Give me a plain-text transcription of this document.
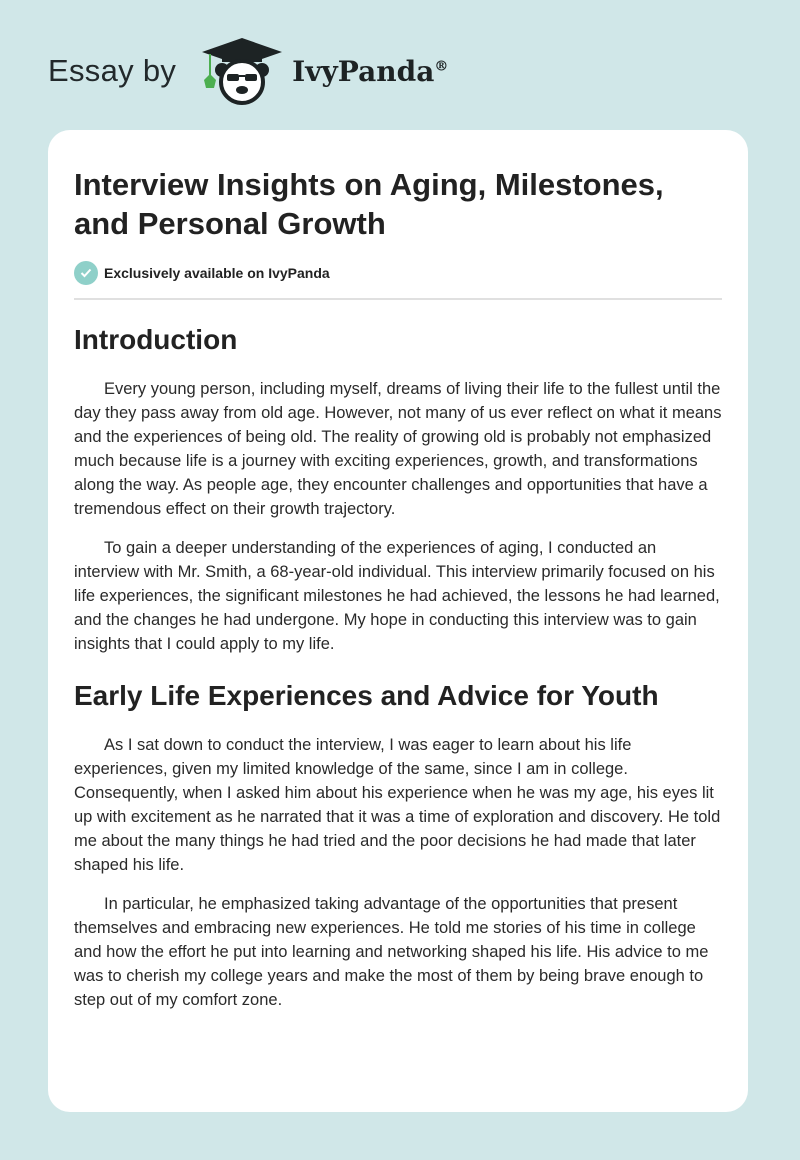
Essay by	IvyPanda®
Interview Insights on Aging, Milestones, and Personal Growth
Exclusively available on IvyPanda
Introduction

Every young person, including myself, dreams of living their life to the fullest until the day they pass away from old age. However, not many of us ever reflect on what it means and the experiences of being old. The reality of growing old is probably not emphasized much because life is a journey with exciting experiences, growth, and transformations along the way. As people age, they encounter challenges and opportunities that have a tremendous effect on their growth trajectory.

To gain a deeper understanding of the experiences of aging, I conducted an interview with Mr. Smith, a 68-year-old individual. This interview primarily focused on his life experiences, the significant milestones he had achieved, the lessons he had learned, and the changes he had undergone. My hope in conducting this interview was to gain insights that I could apply to my life.

Early Life Experiences and Advice for Youth

As I sat down to conduct the interview, I was eager to learn about his life experiences, given my limited knowledge of the same, since I am in college. Consequently, when I asked him about his experience when he was my age, his eyes lit up with excitement as he narrated that it was a time of exploration and discovery. He told me about the many things he had tried and the poor decisions he had made that later shaped his life.

In particular, he emphasized taking advantage of the opportunities that present themselves and embracing new experiences. He told me stories of his time in college and how the effort he put into learning and networking shaped his life. His advice to me was to cherish my college years and make the most of them by being brave enough to step out of my comfort zone.
